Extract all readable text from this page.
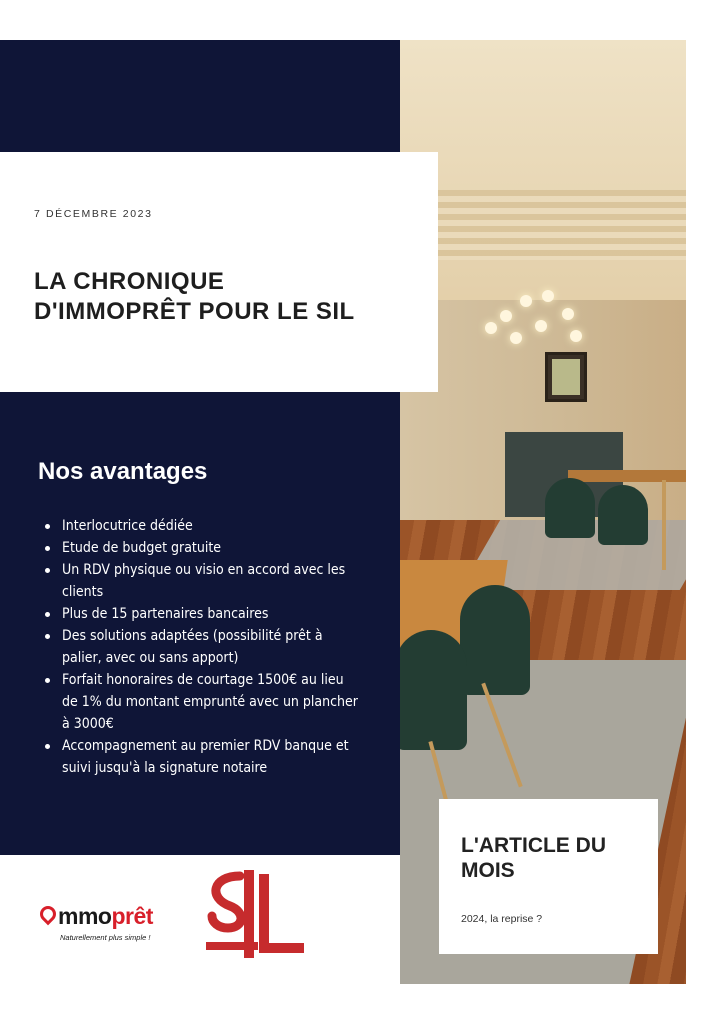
7 DÉCEMBRE 2023
LA CHRONIQUE
D'IMMOPRÊT POUR LE SIL
Nos avantages
Interlocutrice dédiée
Etude de budget gratuite
Un RDV physique ou visio en accord avec les clients
Plus de 15 partenaires bancaires
Des solutions adaptées (possibilité prêt à palier, avec ou sans apport)
Forfait honoraires de courtage 1500€ au lieu de 1% du montant emprunté avec un plancher à 3000€
Accompagnement au premier RDV banque et suivi jusqu'à la signature notaire
L'ARTICLE DU
MOIS
2024, la reprise ?
mmoprêt
Naturellement plus simple !
